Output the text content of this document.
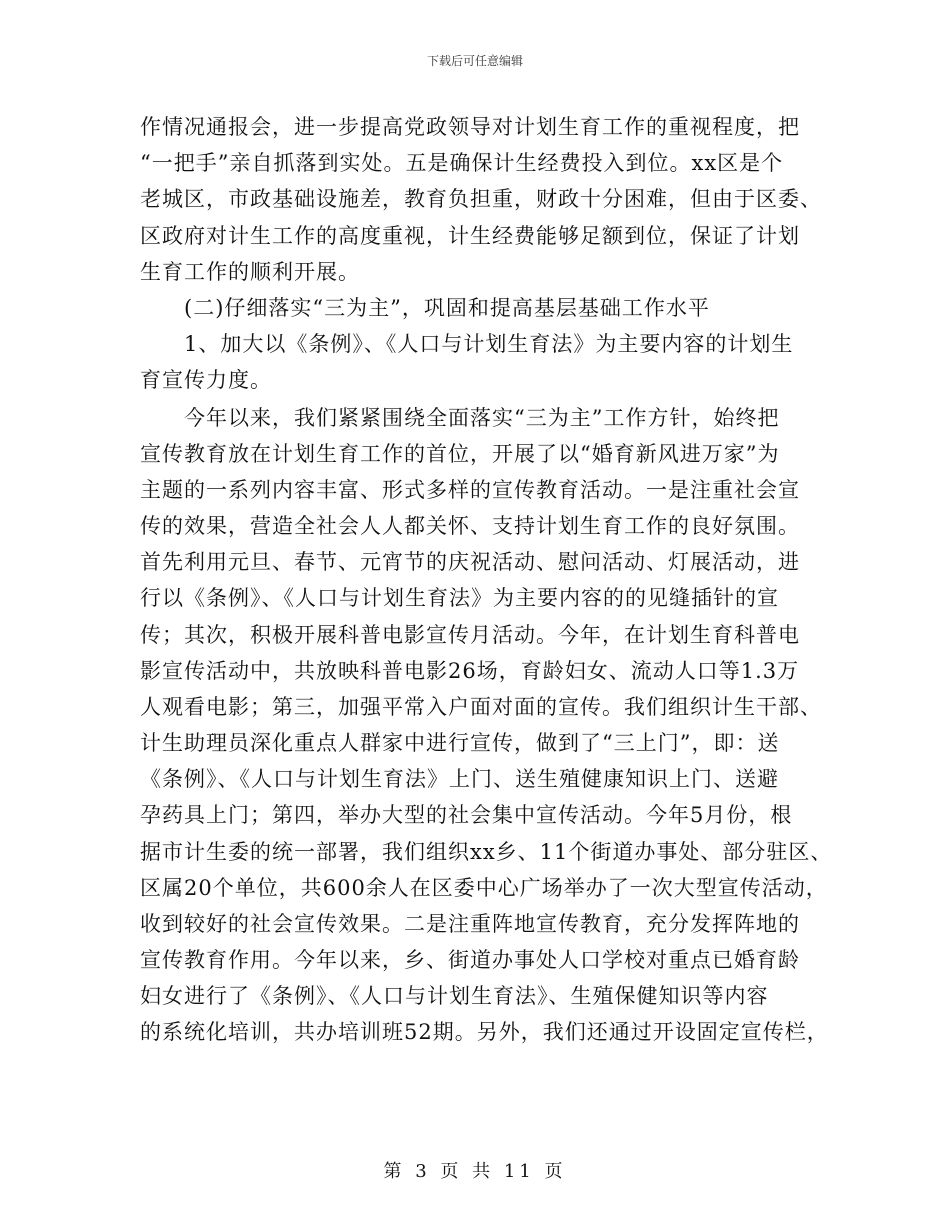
下载后可任意编辑
作情况通报会，进一步提高党政领导对计划生育工作的重视程度，把
“一把手”亲自抓落到实处。五是确保计生经费投入到位。xx区是个
老城区，市政基础设施差，教育负担重，财政十分困难，但由于区委、
区政府对计生工作的高度重视，计生经费能够足额到位，保证了计划
生育工作的顺利开展。
　　(二)仔细落实“三为主”，巩固和提高基层基础工作水平
　　1、加大以《条例》、《人口与计划生育法》为主要内容的计划生
育宣传力度。
　　今年以来，我们紧紧围绕全面落实“三为主”工作方针，始终把
宣传教育放在计划生育工作的首位，开展了以“婚育新风进万家”为
主题的一系列内容丰富、形式多样的宣传教育活动。一是注重社会宣
传的效果，营造全社会人人都关怀、支持计划生育工作的良好氛围。
首先利用元旦、春节、元宵节的庆祝活动、慰问活动、灯展活动，进
行以《条例》、《人口与计划生育法》为主要内容的的见缝插针的宣
传；其次，积极开展科普电影宣传月活动。今年，在计划生育科普电
影宣传活动中，共放映科普电影26场，育龄妇女、流动人口等1.3万
人观看电影；第三，加强平常入户面对面的宣传。我们组织计生干部、
计生助理员深化重点人群家中进行宣传，做到了“三上门”，即：送
《条例》、《人口与计划生育法》上门、送生殖健康知识上门、送避
孕药具上门；第四，举办大型的社会集中宣传活动。今年5月份，根
据市计生委的统一部署，我们组织xx乡、11个街道办事处、部分驻区、
区属20个单位，共600余人在区委中心广场举办了一次大型宣传活动，
收到较好的社会宣传效果。二是注重阵地宣传教育，充分发挥阵地的
宣传教育作用。今年以来，乡、街道办事处人口学校对重点已婚育龄
妇女进行了《条例》、《人口与计划生育法》、生殖保健知识等内容
的系统化培训，共办培训班52期。另外，我们还通过开设固定宣传栏，
第 3 页 共 11 页
